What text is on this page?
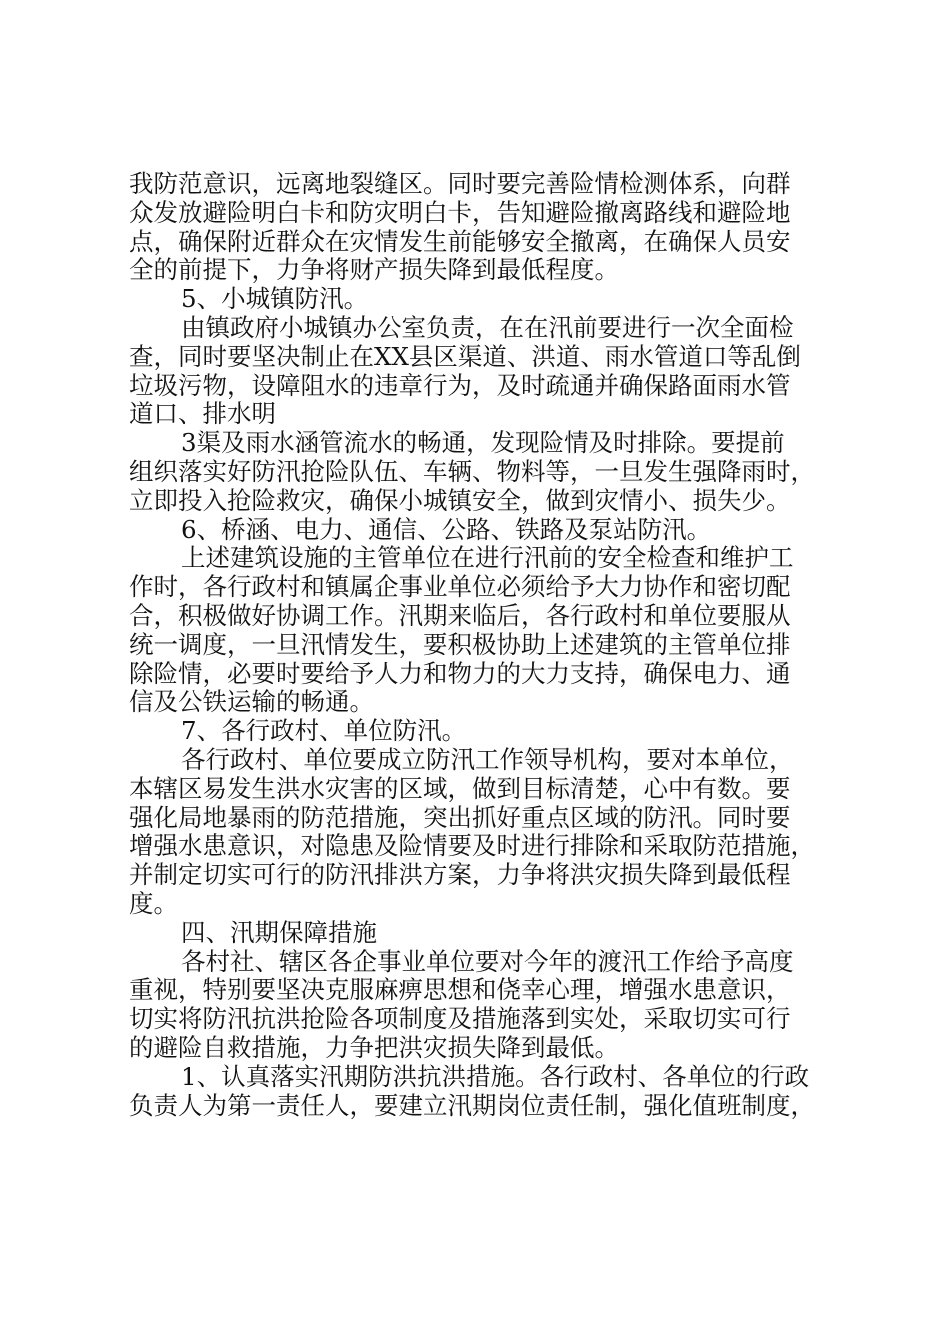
我防范意识，远离地裂缝区。同时要完善险情检测体系，向群
众发放避险明白卡和防灾明白卡，告知避险撤离路线和避险地
点，确保附近群众在灾情发生前能够安全撤离，在确保人员安
全的前提下，力争将财产损失降到最低程度。
5、小城镇防汛。
由镇政府小城镇办公室负责，在在汛前要进行一次全面检
查，同时要坚决制止在XX县区渠道、洪道、雨水管道口等乱倒
垃圾污物，设障阻水的违章行为，及时疏通并确保路面雨水管
道口、排水明
3渠及雨水涵管流水的畅通，发现险情及时排除。要提前
组织落实好防汛抢险队伍、车辆、物料等，一旦发生强降雨时，
立即投入抢险救灾，确保小城镇安全，做到灾情小、损失少。
6、桥涵、电力、通信、公路、铁路及泵站防汛。
上述建筑设施的主管单位在进行汛前的安全检查和维护工
作时，各行政村和镇属企事业单位必须给予大力协作和密切配
合，积极做好协调工作。汛期来临后，各行政村和单位要服从
统一调度，一旦汛情发生，要积极协助上述建筑的主管单位排
除险情，必要时要给予人力和物力的大力支持，确保电力、通
信及公铁运输的畅通。
7、各行政村、单位防汛。
各行政村、单位要成立防汛工作领导机构，要对本单位，
本辖区易发生洪水灾害的区域，做到目标清楚，心中有数。要
强化局地暴雨的防范措施，突出抓好重点区域的防汛。同时要
增强水患意识，对隐患及险情要及时进行排除和采取防范措施，
并制定切实可行的防汛排洪方案，力争将洪灾损失降到最低程
度。
四、汛期保障措施
各村社、辖区各企事业单位要对今年的渡汛工作给予高度
重视，特别要坚决克服麻痹思想和侥幸心理，增强水患意识，
切实将防汛抗洪抢险各项制度及措施落到实处，采取切实可行
的避险自救措施，力争把洪灾损失降到最低。
1、认真落实汛期防洪抗洪措施。各行政村、各单位的行政
负责人为第一责任人，要建立汛期岗位责任制，强化值班制度，
